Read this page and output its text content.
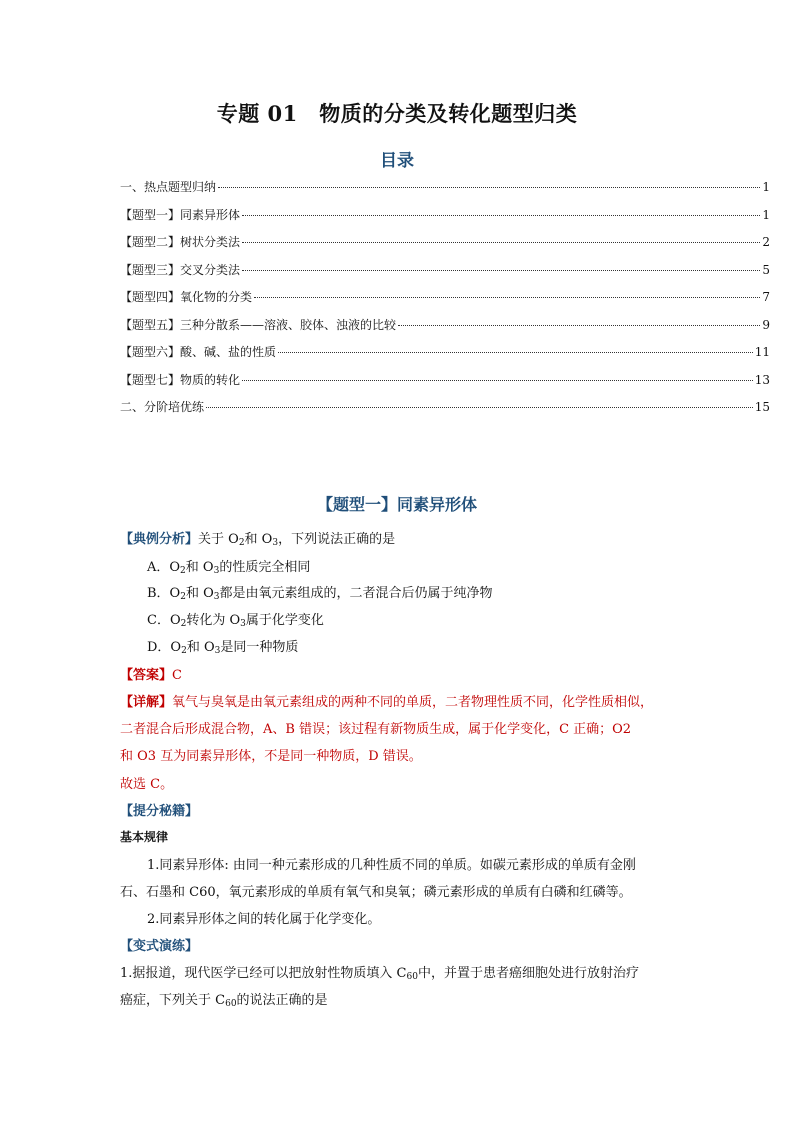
专题 01　物质的分类及转化题型归类
目录
一、热点题型归纳	1
【题型一】同素异形体	1
【题型二】树状分类法	2
【题型三】交叉分类法	5
【题型四】氧化物的分类	7
【题型五】三种分散系——溶液、胶体、浊液的比较	9
【题型六】酸、碱、盐的性质	11
【题型七】物质的转化	13
二、分阶培优练	15
【题型一】同素异形体
【典例分析】关于 $O_2$和 $O_3$，下列说法正确的是
A．$O_2$和 $O_3$的性质完全相同
B．$O_2$和 $O_3$都是由氧元素组成的，二者混合后仍属于纯净物
C．$O_2$转化为 $O_3$属于化学变化
D．$O_2$和 $O_3$是同一种物质
【答案】C
【详解】氧气与臭氧是由氧元素组成的两种不同的单质，二者物理性质不同，化学性质相似，
二者混合后形成混合物，A、B 错误；该过程有新物质生成，属于化学变化，C 正确；O2
和 O3 互为同素异形体，不是同一种物质，D 错误。
故选 C。
【提分秘籍】
基本规律
1.同素异形体: 由同一种元素形成的几种性质不同的单质。如碳元素形成的单质有金刚
石、石墨和 C60，氧元素形成的单质有氧气和臭氧；磷元素形成的单质有白磷和红磷等。
2.同素异形体之间的转化属于化学变化。
【变式演练】
1.据报道，现代医学已经可以把放射性物质填入 $C_{60}$中，并置于患者癌细胞处进行放射治疗
癌症，下列关于 $C_{60}$的说法正确的是
